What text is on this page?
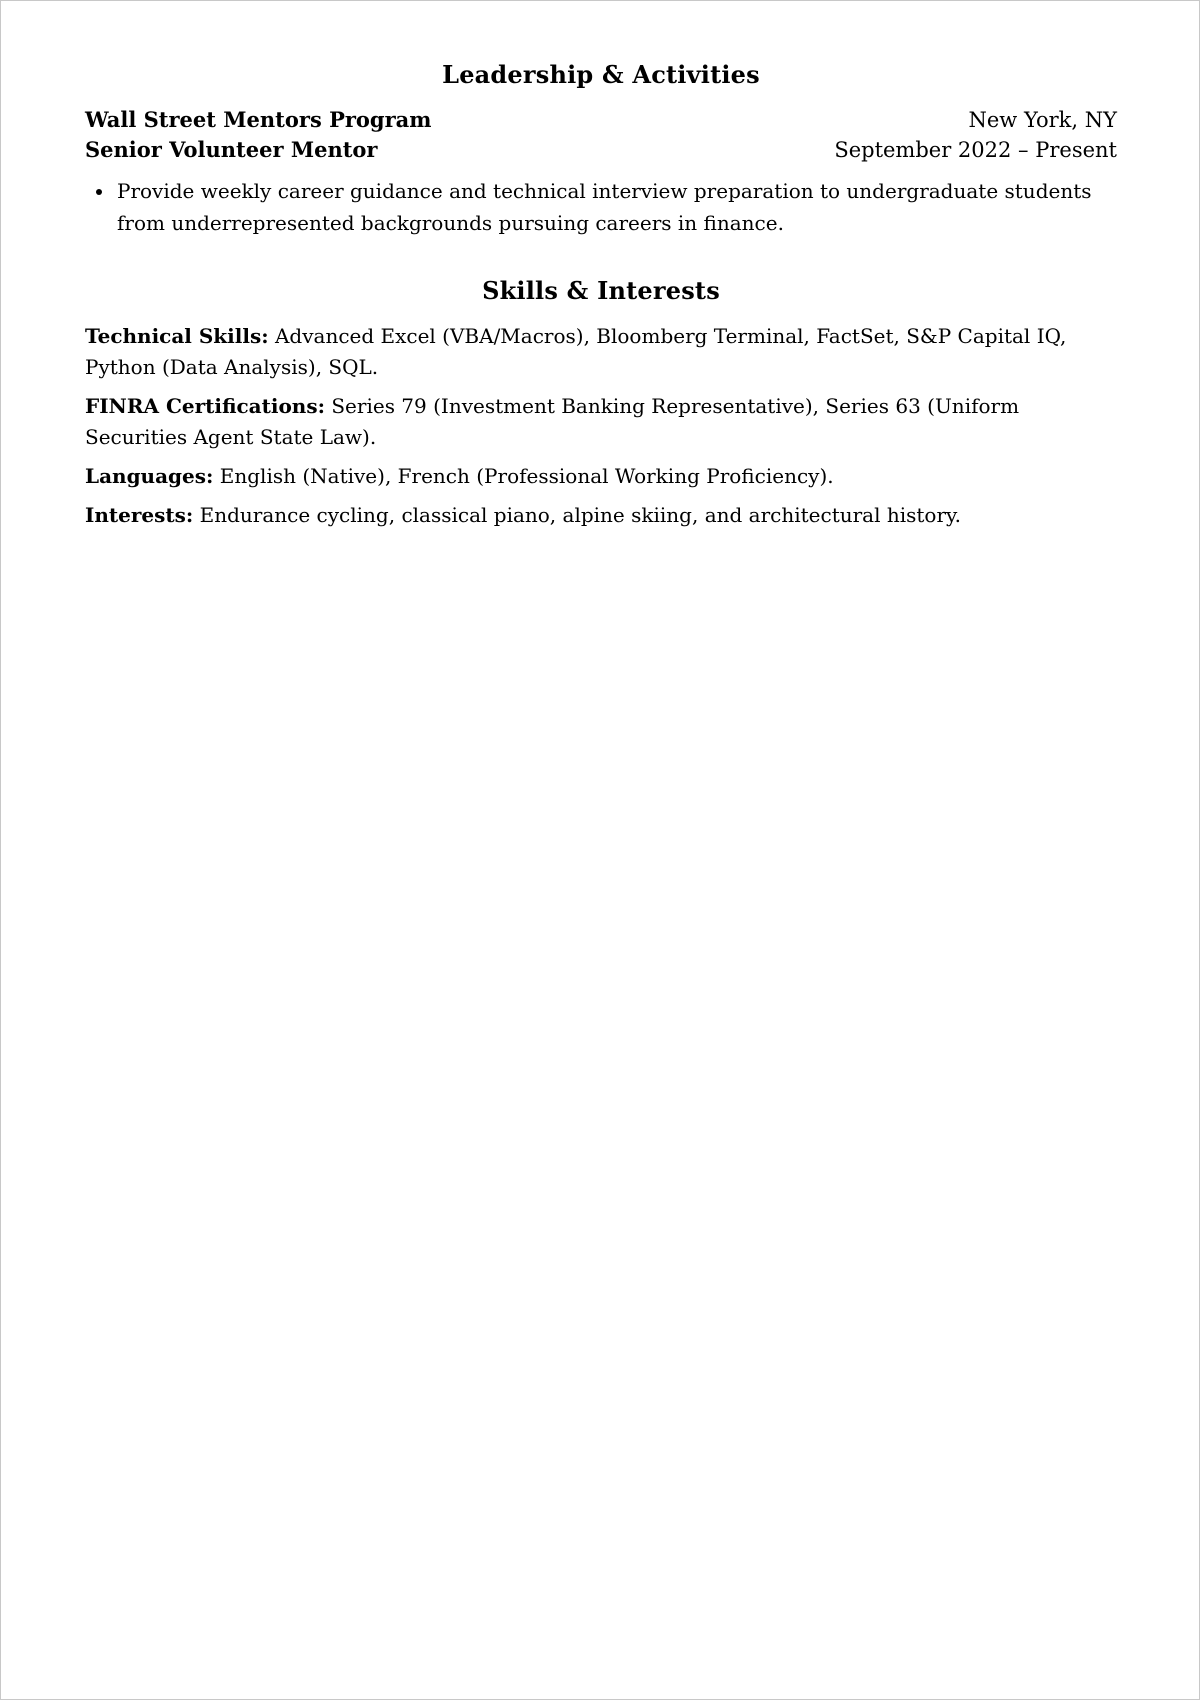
Leadership & Activities
Wall Street Mentors Program	New York, NY
Senior Volunteer Mentor	September 2022 – Present
• Provide weekly career guidance and technical interview preparation to undergraduate students from underrepresented backgrounds pursuing careers in finance.
Skills & Interests

Technical Skills: Advanced Excel (VBA/Macros), Bloomberg Terminal, FactSet, S&P Capital IQ, Python (Data Analysis), SQL.

FINRA Certifications: Series 79 (Investment Banking Representative), Series 63 (Uniform Securities Agent State Law).

Languages: English (Native), French (Professional Working Proficiency).

Interests: Endurance cycling, classical piano, alpine skiing, and architectural history.
